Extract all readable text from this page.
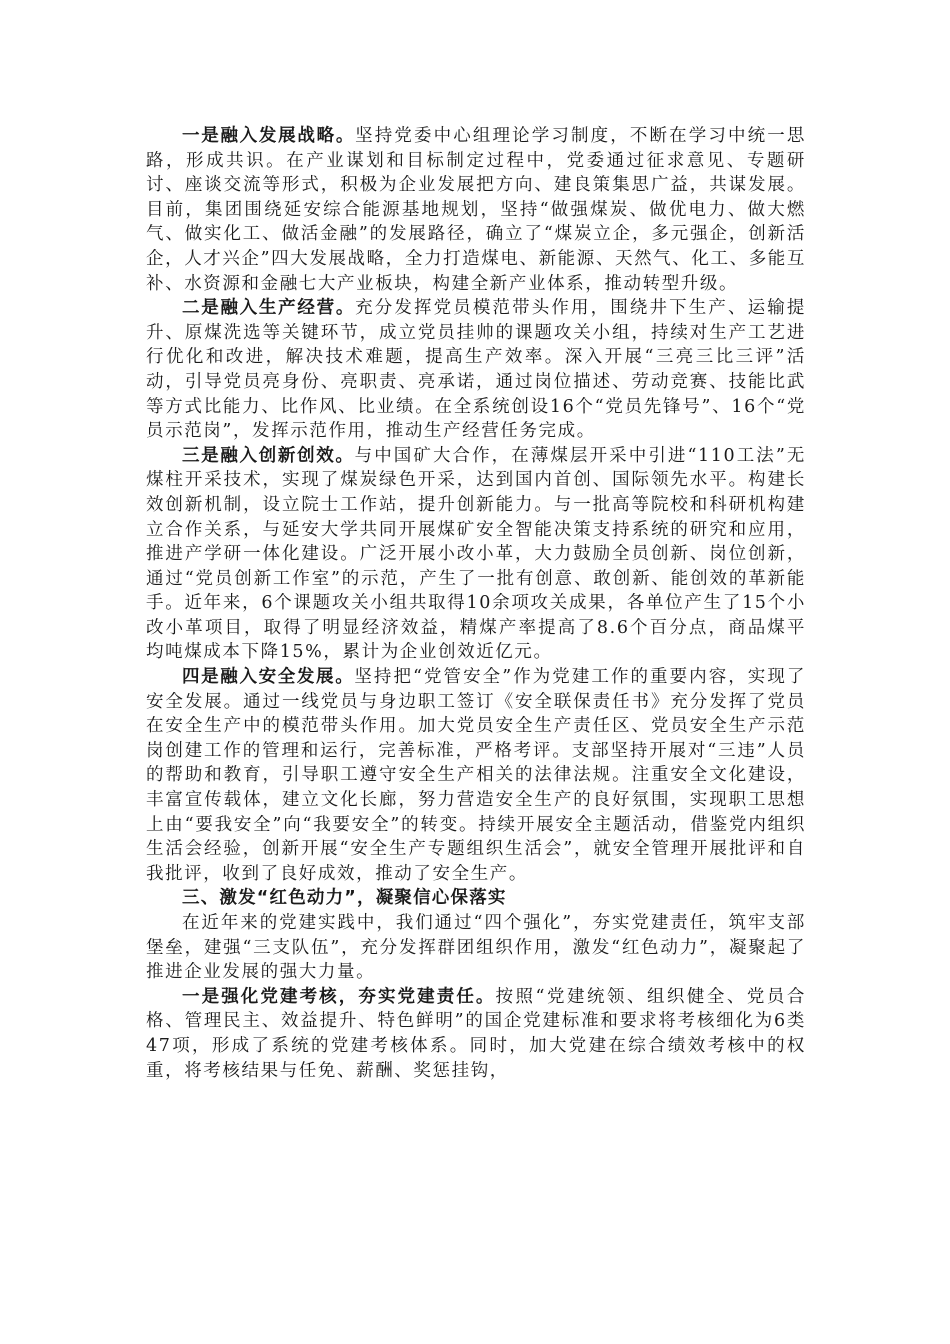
一是融入发展战略。坚持党委中心组理论学习制度，不断在学习中统一思路，形成共识。在产业谋划和目标制定过程中，党委通过征求意见、专题研讨、座谈交流等形式，积极为企业发展把方向、建良策集思广益，共谋发展。目前，集团围绕延安综合能源基地规划，坚持“做强煤炭、做优电力、做大燃气、做实化工、做活金融”的发展路径，确立了“煤炭立企，多元强企，创新活企，人才兴企”四大发展战略，全力打造煤电、新能源、天然气、化工、多能互补、水资源和金融七大产业板块，构建全新产业体系，推动转型升级。

二是融入生产经营。充分发挥党员模范带头作用，围绕井下生产、运输提升、原煤洗选等关键环节，成立党员挂帅的课题攻关小组，持续对生产工艺进行优化和改进，解决技术难题，提高生产效率。深入开展“三亮三比三评”活动，引导党员亮身份、亮职责、亮承诺，通过岗位描述、劳动竞赛、技能比武等方式比能力、比作风、比业绩。在全系统创设16个“党员先锋号”、16个“党员示范岗”，发挥示范作用，推动生产经营任务完成。

三是融入创新创效。与中国矿大合作，在薄煤层开采中引进“110工法”无煤柱开采技术，实现了煤炭绿色开采，达到国内首创、国际领先水平。构建长效创新机制，设立院士工作站，提升创新能力。与一批高等院校和科研机构建立合作关系，与延安大学共同开展煤矿安全智能决策支持系统的研究和应用，推进产学研一体化建设。广泛开展小改小革，大力鼓励全员创新、岗位创新，通过“党员创新工作室”的示范，产生了一批有创意、敢创新、能创效的革新能手。近年来，6个课题攻关小组共取得10余项攻关成果，各单位产生了15个小改小革项目，取得了明显经济效益，精煤产率提高了8.6个百分点，商品煤平均吨煤成本下降15%，累计为企业创效近亿元。

四是融入安全发展。坚持把“党管安全”作为党建工作的重要内容，实现了安全发展。通过一线党员与身边职工签订《安全联保责任书》充分发挥了党员在安全生产中的模范带头作用。加大党员安全生产责任区、党员安全生产示范岗创建工作的管理和运行，完善标准，严格考评。支部坚持开展对“三违”人员的帮助和教育，引导职工遵守安全生产相关的法律法规。注重安全文化建设，丰富宣传载体，建立文化长廊，努力营造安全生产的良好氛围，实现职工思想上由“要我安全”向“我要安全”的转变。持续开展安全主题活动，借鉴党内组织生活会经验，创新开展“安全生产专题组织生活会”，就安全管理开展批评和自我批评，收到了良好成效，推动了安全生产。

三、激发“红色动力”，凝聚信心保落实

在近年来的党建实践中，我们通过“四个强化”，夯实党建责任，筑牢支部堡垒，建强“三支队伍”，充分发挥群团组织作用，激发“红色动力”，凝聚起了推进企业发展的强大力量。

一是强化党建考核，夯实党建责任。按照“党建统领、组织健全、党员合格、管理民主、效益提升、特色鲜明”的国企党建标准和要求将考核细化为6类47项，形成了系统的党建考核体系。同时，加大党建在综合绩效考核中的权重，将考核结果与任免、薪酬、奖惩挂钩，
